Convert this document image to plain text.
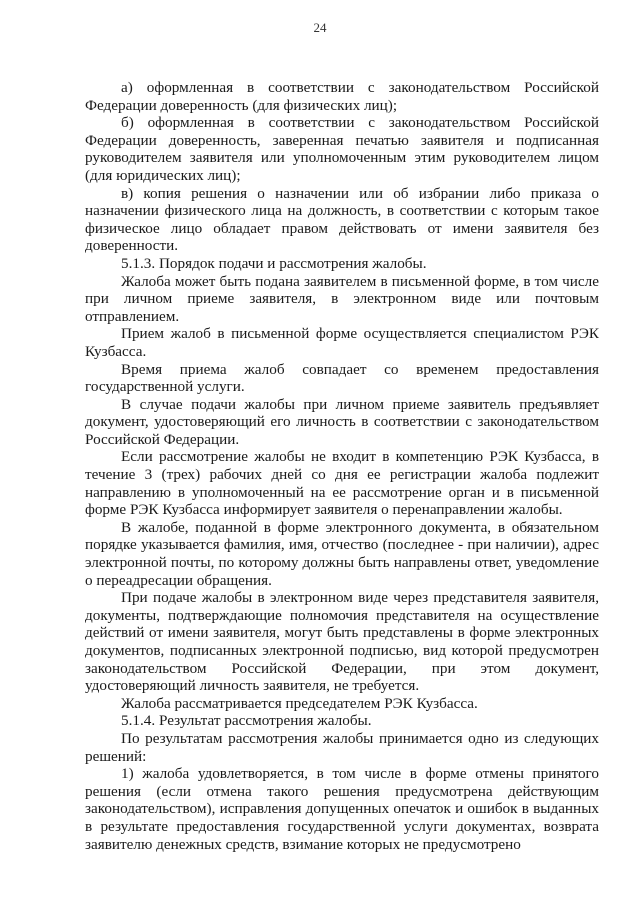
24

а) оформленная в соответствии с законодательством Российской Федерации доверенность (для физических лиц);

б) оформленная в соответствии с законодательством Российской Федерации доверенность, заверенная печатью заявителя и подписанная руководителем заявителя или уполномоченным этим руководителем лицом (для юридических лиц);

в) копия решения о назначении или об избрании либо приказа о назначении физического лица на должность, в соответствии с которым такое физическое лицо обладает правом действовать от имени заявителя без доверенности.

5.1.3. Порядок подачи и рассмотрения жалобы.

Жалоба может быть подана заявителем в письменной форме, в том числе при личном приеме заявителя, в электронном виде или почтовым отправлением.

Прием жалоб в письменной форме осуществляется специалистом РЭК Кузбасса.

Время приема жалоб совпадает со временем предоставления государственной услуги.

В случае подачи жалобы при личном приеме заявитель предъявляет документ, удостоверяющий его личность в соответствии с законодательством Российской Федерации.

Если рассмотрение жалобы не входит в компетенцию РЭК Кузбасса, в течение 3 (трех) рабочих дней со дня ее регистрации жалоба подлежит направлению в уполномоченный на ее рассмотрение орган и в письменной форме РЭК Кузбасса информирует заявителя о перенаправлении жалобы.

В жалобе, поданной в форме электронного документа, в обязательном порядке указывается фамилия, имя, отчество (последнее - при наличии), адрес электронной почты, по которому должны быть направлены ответ, уведомление о переадресации обращения.

При подаче жалобы в электронном виде через представителя заявителя, документы, подтверждающие полномочия представителя на осуществление действий от имени заявителя, могут быть представлены в форме электронных документов, подписанных электронной подписью, вид которой предусмотрен законодательством Российской Федерации, при этом документ, удостоверяющий личность заявителя, не требуется.

Жалоба рассматривается председателем РЭК Кузбасса.

5.1.4. Результат рассмотрения жалобы.

По результатам рассмотрения жалобы принимается одно из следующих решений:

1) жалоба удовлетворяется, в том числе в форме отмены принятого решения (если отмена такого решения предусмотрена действующим законодательством), исправления допущенных опечаток и ошибок в выданных в результате предоставления государственной услуги документах, возврата заявителю денежных средств, взимание которых не предусмотрено
